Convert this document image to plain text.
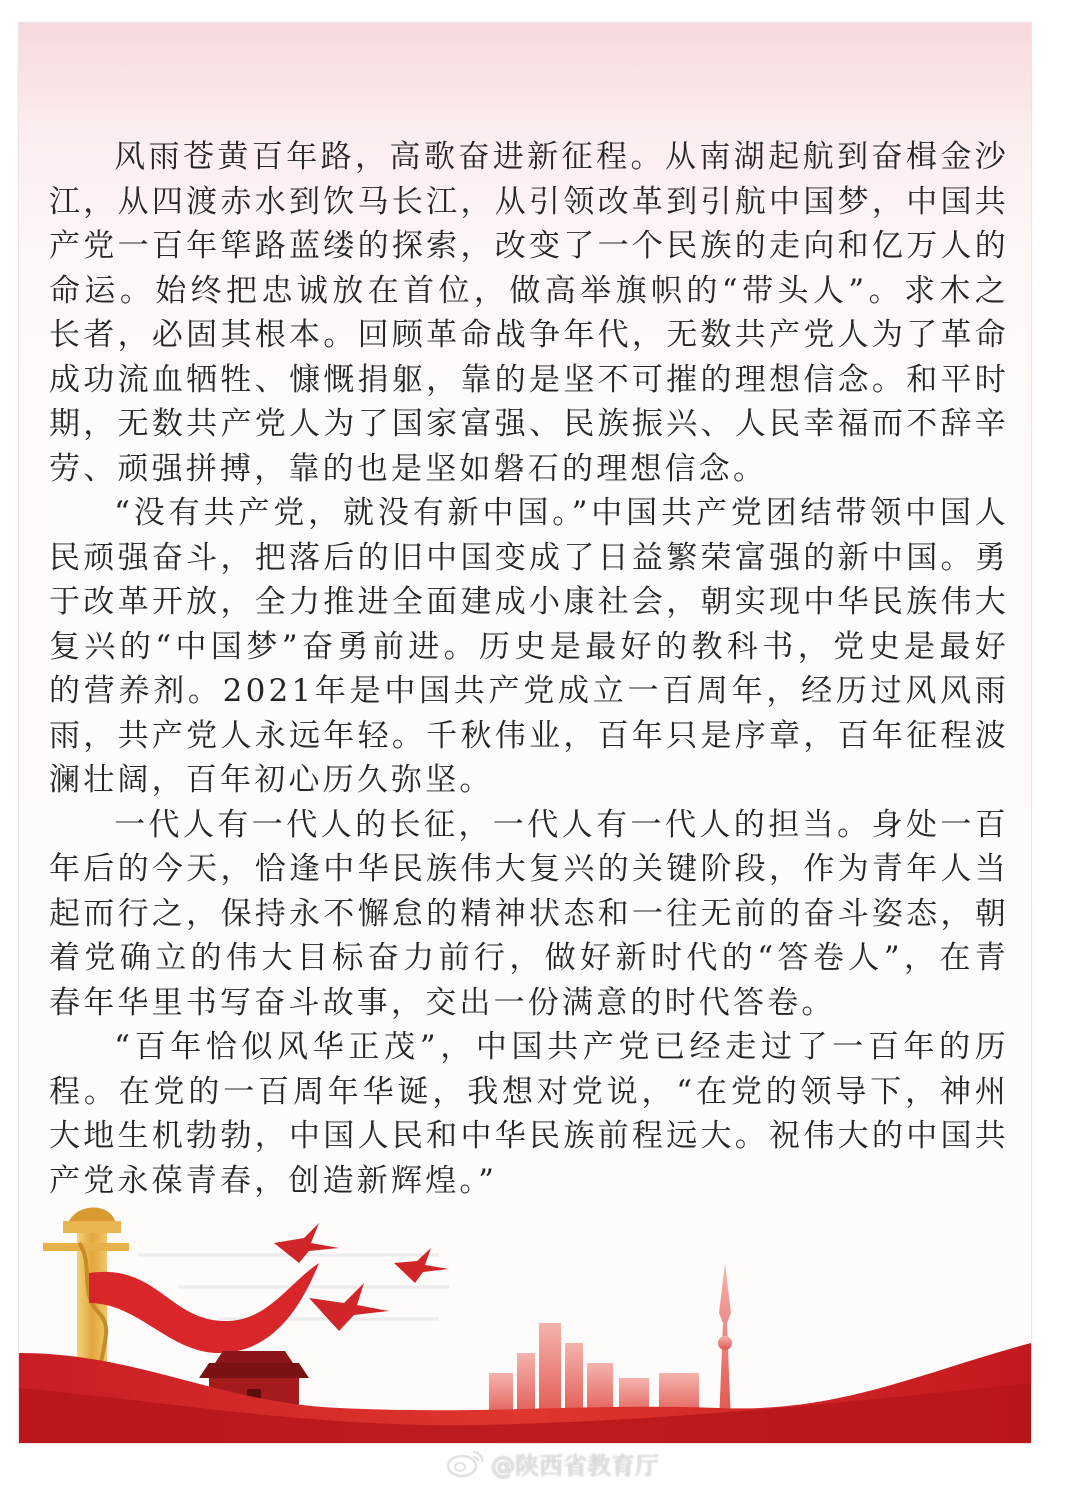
风雨苍黄百年路，高歌奋进新征程。从南湖起航到奋楫金沙江，从四渡赤水到饮马长江，从引领改革到引航中国梦，中国共产党一百年筚路蓝缕的探索，改变了一个民族的走向和亿万人的命运。始终把忠诚放在首位，做高举旗帜的“带头人”。求木之长者，必固其根本。回顾革命战争年代，无数共产党人为了革命成功流血牺牲、慷慨捐躯，靠的是坚不可摧的理想信念。和平时期，无数共产党人为了国家富强、民族振兴、人民幸福而不辞辛劳、顽强拼搏，靠的也是坚如磐石的理想信念。

“没有共产党，就没有新中国。”中国共产党团结带领中国人民顽强奋斗，把落后的旧中国变成了日益繁荣富强的新中国。勇于改革开放，全力推进全面建成小康社会，朝实现中华民族伟大复兴的“中国梦”奋勇前进。历史是最好的教科书，党史是最好的营养剂。2021年是中国共产党成立一百周年，经历过风风雨雨，共产党人永远年轻。千秋伟业，百年只是序章，百年征程波澜壮阔，百年初心历久弥坚。

一代人有一代人的长征，一代人有一代人的担当。身处一百年后的今天，恰逢中华民族伟大复兴的关键阶段，作为青年人当起而行之，保持永不懈怠的精神状态和一往无前的奋斗姿态，朝着党确立的伟大目标奋力前行，做好新时代的“答卷人”，在青春年华里书写奋斗故事，交出一份满意的时代答卷。

“百年恰似风华正茂”，中国共产党已经走过了一百年的历程。在党的一百周年华诞，我想对党说，“在党的领导下，神州大地生机勃勃，中国人民和中华民族前程远大。祝伟大的中国共产党永葆青春，创造新辉煌。”

@陕西省教育厅
